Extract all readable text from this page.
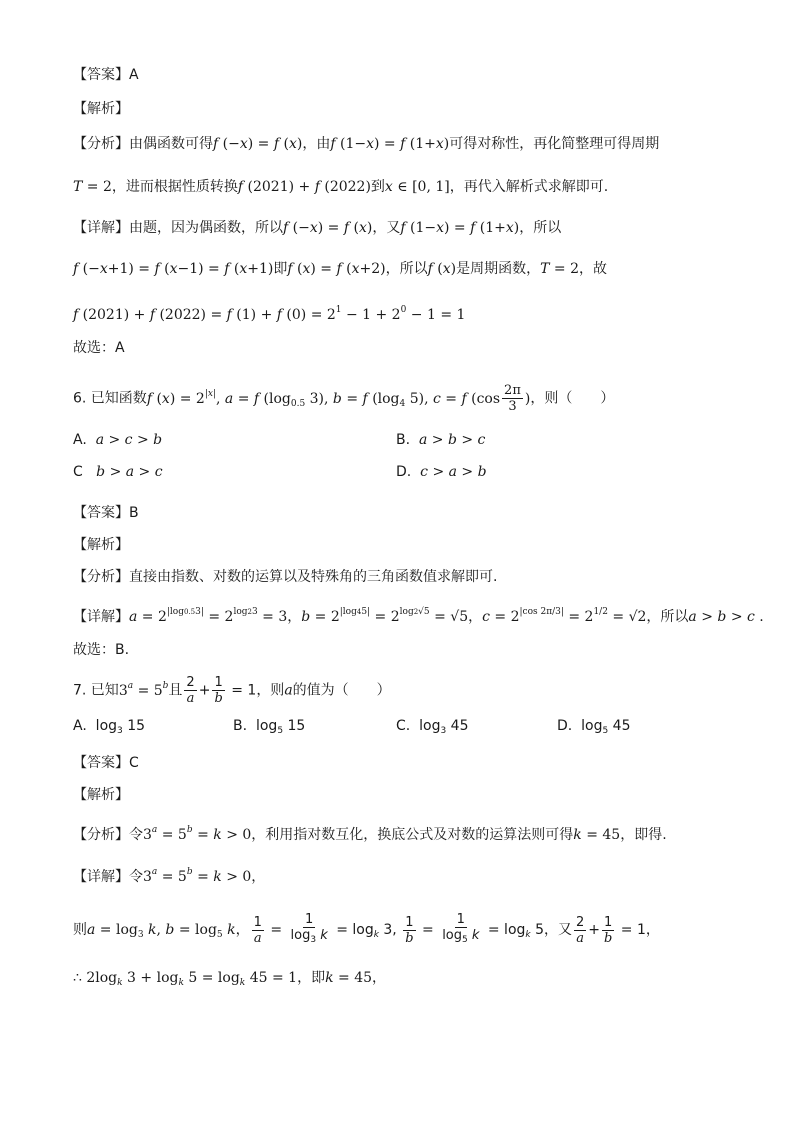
【答案】A
【解析】
【分析】由偶函数可得f (−x) = f (x)，由f (1−x) = f (1+x)可得对称性，再化简整理可得周期
T = 2，进而根据性质转换f (2021) + f (2022)到x ∈ [0, 1]，再代入解析式求解即可.
【详解】由题，因为偶函数，所以f (−x) = f (x)，又f (1−x) = f (1+x)，所以
f (−x+1) = f (x−1) = f (x+1)即f (x) = f (x+2)，所以f (x)是周期函数，T = 2，故
f (2021) + f (2022) = f (1) + f $(0) = 2^1 - 1 + 2^0 - 1 = 1$
故选：A
6. 已知函数f $(x) = 2^{|x|}$, a = f ($\log_{0.5}$ 3), b = f ($\log_4$ 5), c = f ($\cos \frac{2\pi}{3}$ )，则（　　）
A. a > c > b	B. a > b > c
C b > a > c	D. c > a > b
【答案】B
【解析】
【分析】直接由指数、对数的运算以及特殊角的三角函数值求解即可.
【详解】$a = 2^{|log0.53|} = 2^{log23} = 3$，$b = 2^{|log45|} = 2^{log2√5} = √5$，$c = 2^{|cos 2\pi/3|} = 2^{1/2} = √2$，所以a > b > c .
故选：B.
7. 已知$3^a = 5^b$且 $\frac{2}{a} + \frac{1}{b} = 1$，则a的值为（　　）
A.  $\log_3 15$	B.  $\log_5 15$	C.  $\log_3 45$	D.  $\log_5 45$
【答案】C
【解析】
【分析】令$3^a = 5^b = k > 0$，利用指对数互化，换底公式及对数的运算法则可得k = 45，即得.
【详解】令$3^a = 5^b = k > 0$，
则$a = \log_3 k$, $b = \log_5 k$， $\frac{1}{a} = \frac{1}{\log_3 k} = \log_k 3$, $\frac{1}{b} = \frac{1}{\log_5 k} = \log_k 5$，又 $\frac{2}{a} + \frac{1}{b} = 1$，
∴ $2\log_k$ $3 + \log_k 5 = \log_k 45 = 1$，即k = 45，
